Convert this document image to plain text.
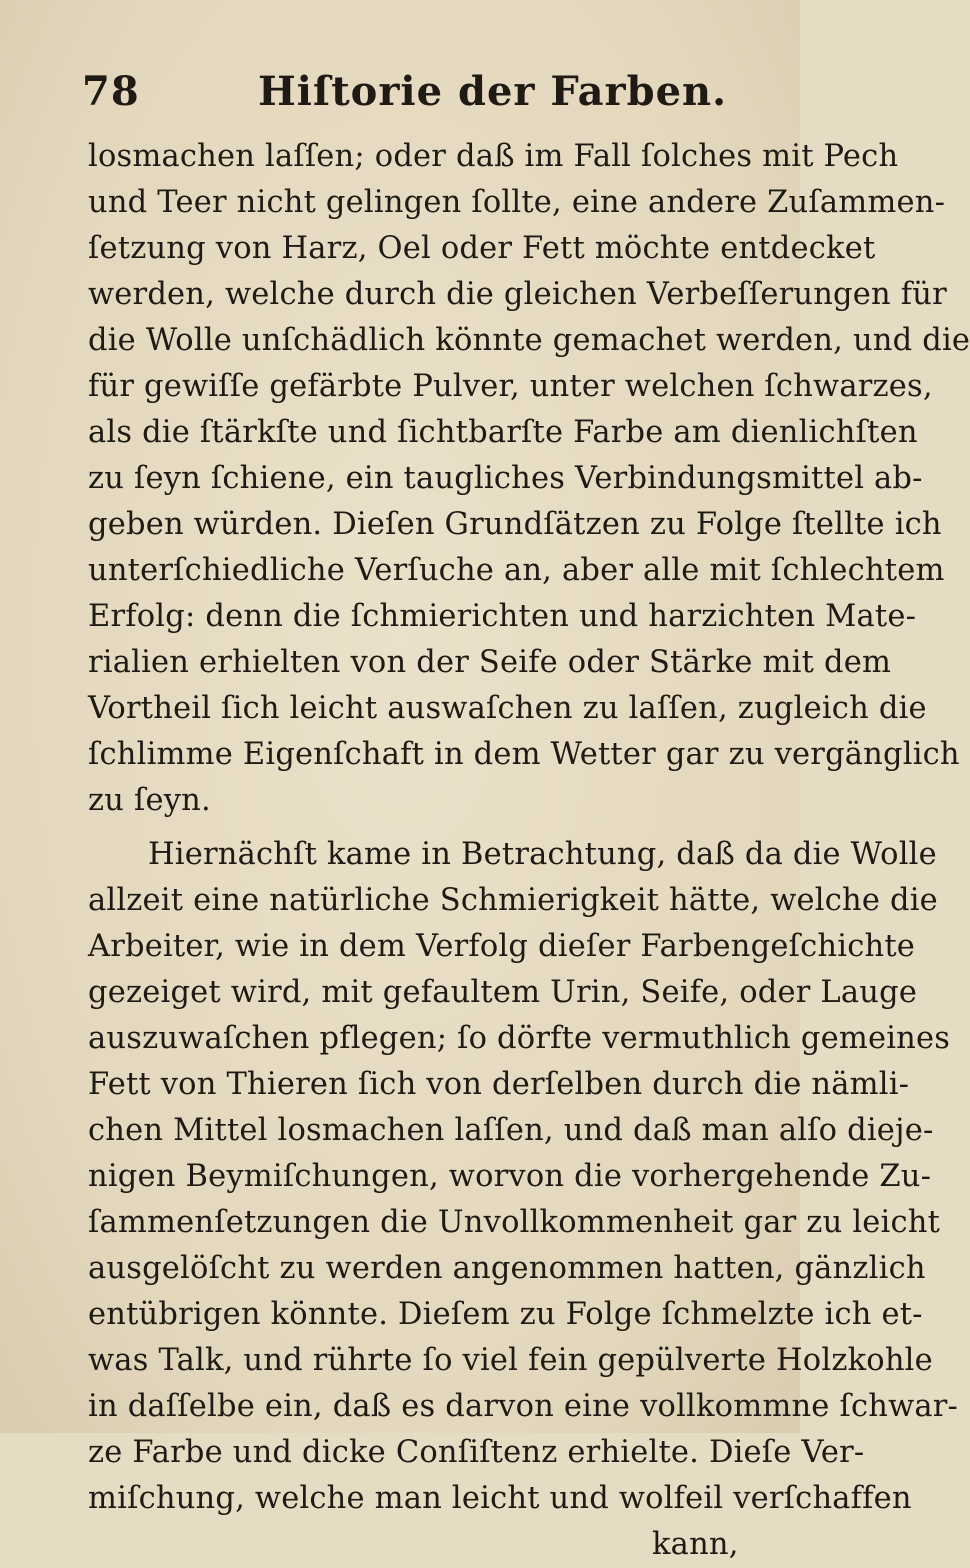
78	Hiſtorie der Farben.
losmachen laſſen; oder daß im Fall ſolches mit Pech
und Teer nicht gelingen ſollte, eine andere Zuſammen-
ſetzung von Harz, Oel oder Fett möchte entdecket
werden, welche durch die gleichen Verbeſſerungen für
die Wolle unſchädlich könnte gemachet werden, und die
für gewiſſe gefärbte Pulver, unter welchen ſchwarzes,
als die ſtärkſte und ſichtbarſte Farbe am dienlichſten
zu ſeyn ſchiene, ein taugliches Verbindungsmittel ab-
geben würden. Dieſen Grundſätzen zu Folge ſtellte ich
unterſchiedliche Verſuche an, aber alle mit ſchlechtem
Erfolg: denn die ſchmierichten und harzichten Mate-
rialien erhielten von der Seife oder Stärke mit dem
Vortheil ſich leicht auswaſchen zu laſſen, zugleich die
ſchlimme Eigenſchaft in dem Wetter gar zu vergänglich
zu ſeyn.
Hiernächſt kame in Betrachtung, daß da die Wolle
allzeit eine natürliche Schmierigkeit hätte, welche die
Arbeiter, wie in dem Verfolg dieſer Farbengeſchichte
gezeiget wird, mit gefaultem Urin, Seife, oder Lauge
auszuwaſchen pflegen; ſo dörfte vermuthlich gemeines
Fett von Thieren ſich von derſelben durch die nämli-
chen Mittel losmachen laſſen, und daß man alſo dieje-
nigen Beymiſchungen, worvon die vorhergehende Zu-
ſammenſetzungen die Unvollkommenheit gar zu leicht
ausgelöſcht zu werden angenommen hatten, gänzlich
entübrigen könnte. Dieſem zu Folge ſchmelzte ich et-
was Talk, und rührte ſo viel fein gepülverte Holzkohle
in daſſelbe ein, daß es darvon eine vollkommne ſchwar-
ze Farbe und dicke Conſiſtenz erhielte. Dieſe Ver-
miſchung, welche man leicht und wolfeil verſchaffen
kann,
